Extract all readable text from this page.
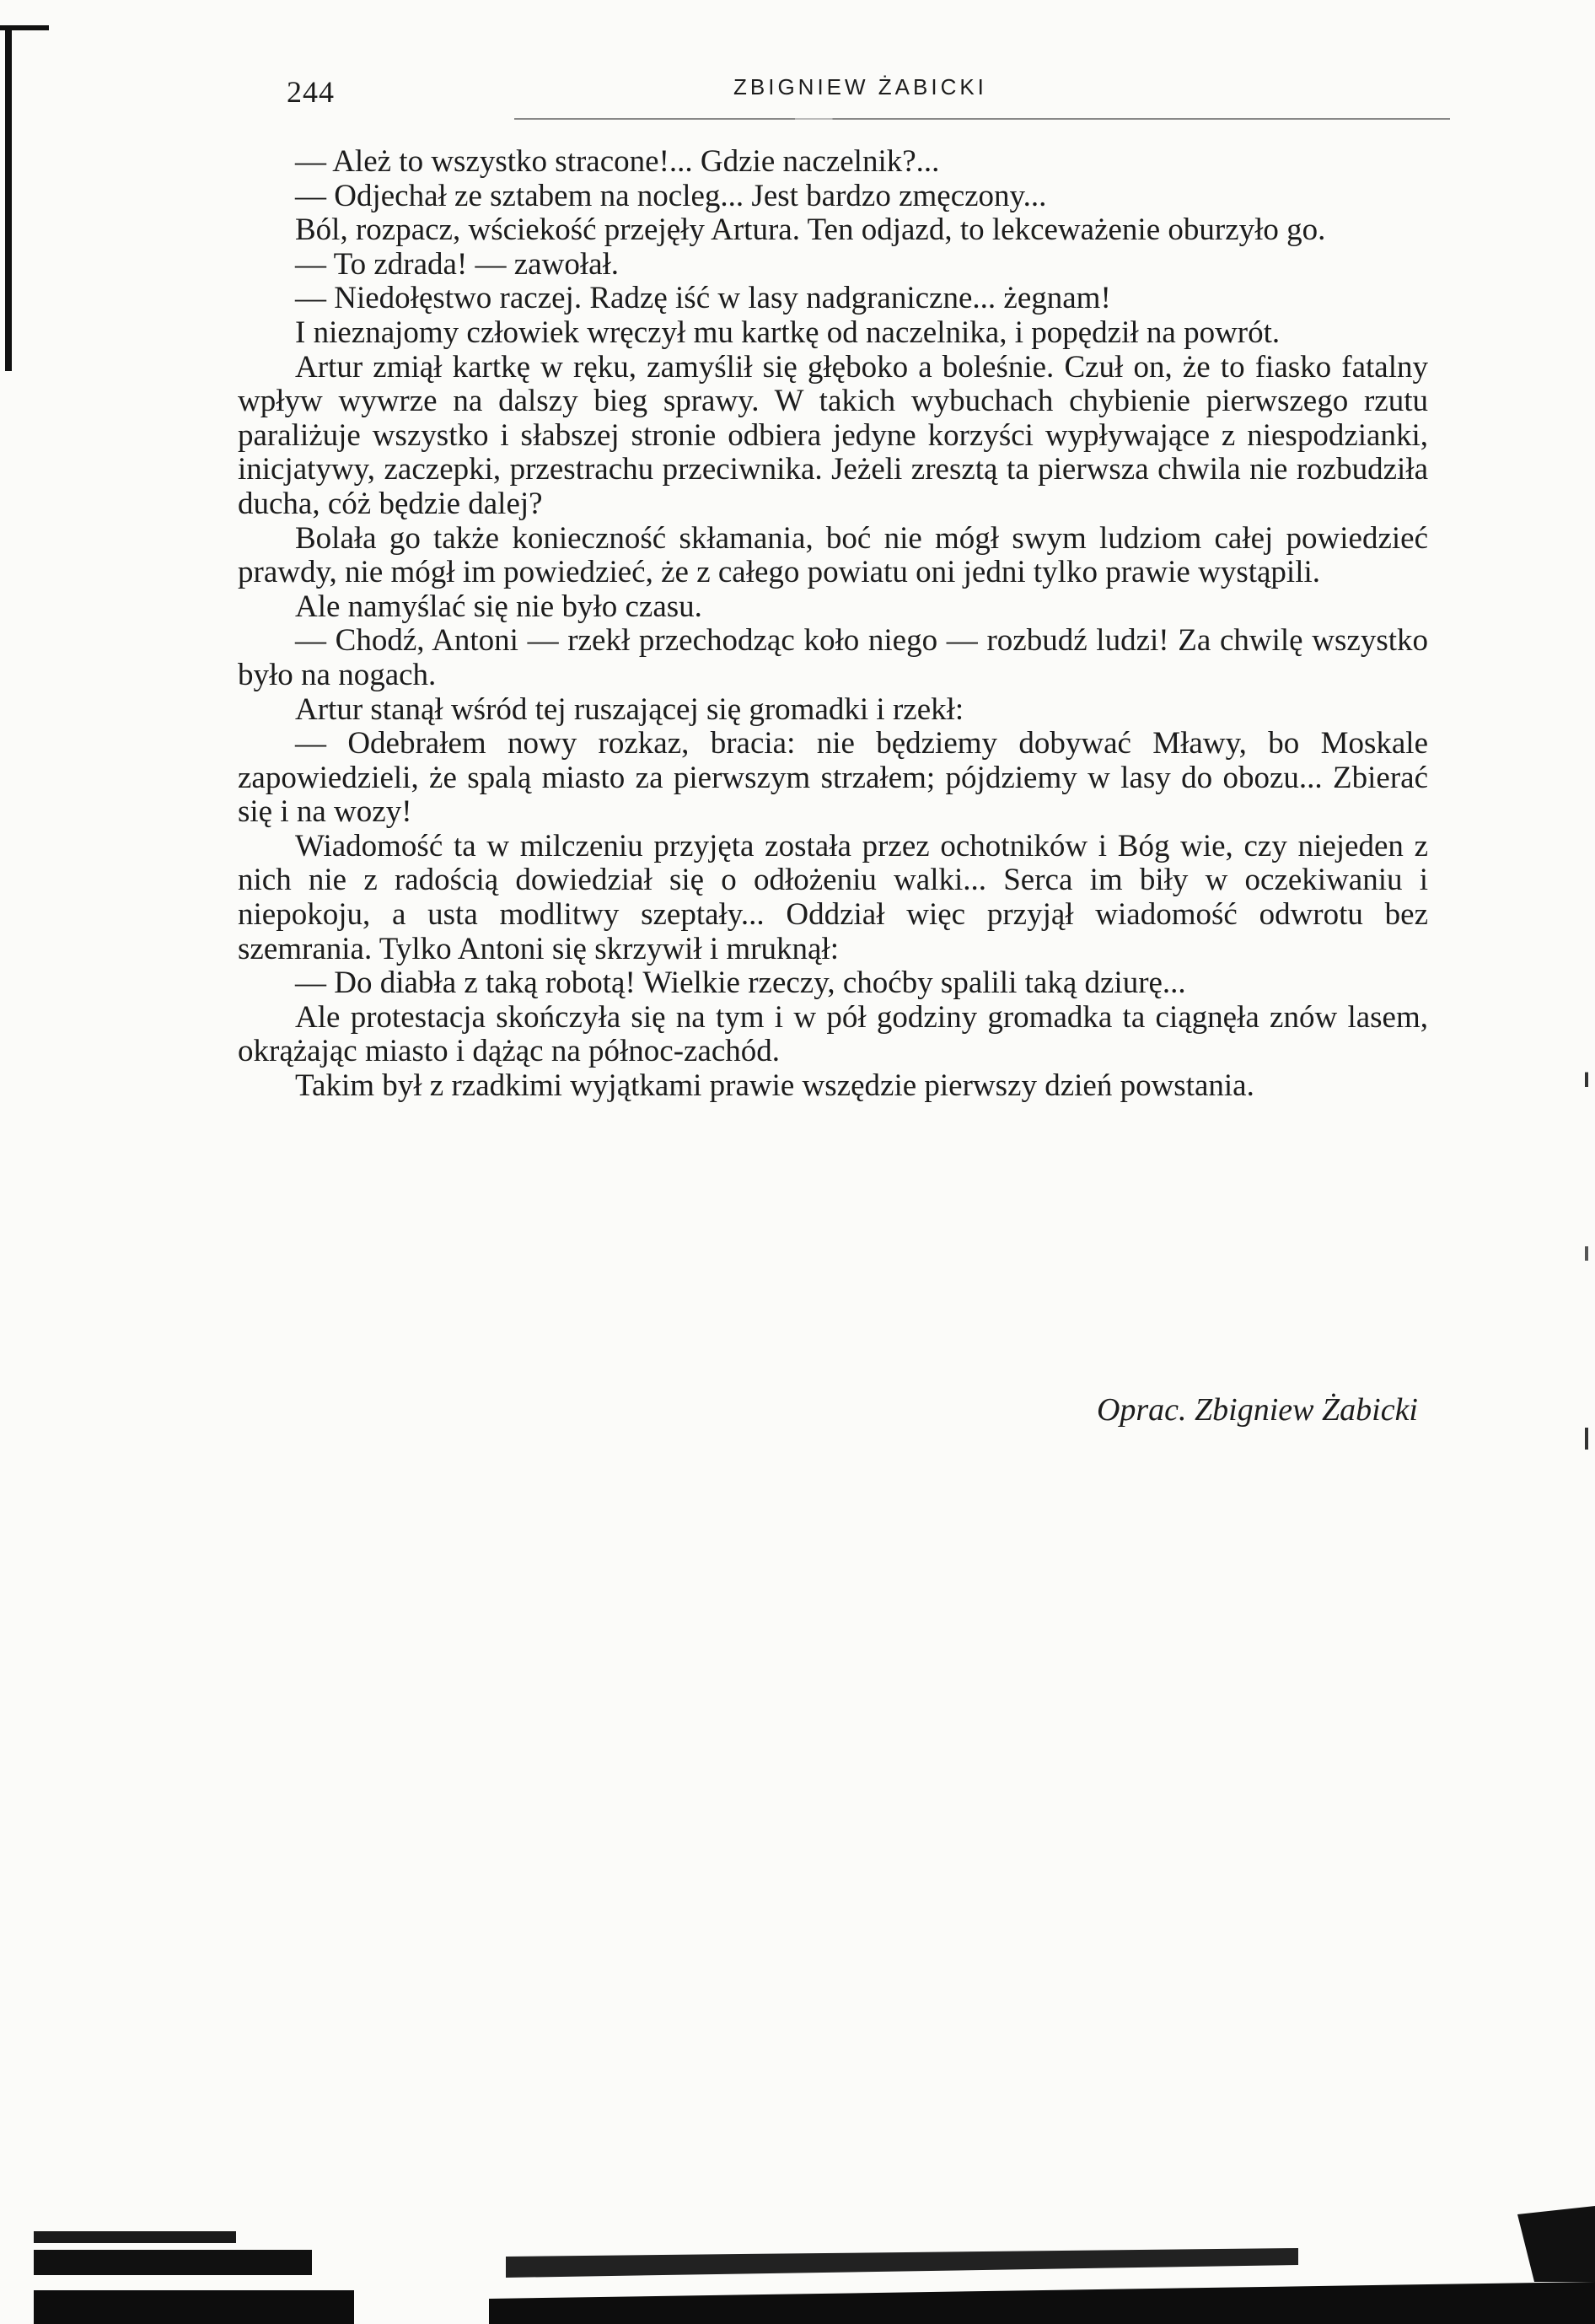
244	ZBIGNIEW ŻABICKI

— Ależ to wszystko stracone!... Gdzie naczelnik?...

— Odjechał ze sztabem na nocleg... Jest bardzo zmęczony...

Ból, rozpacz, wściekość przejęły Artura. Ten odjazd, to lekceważenie oburzyło go.

— To zdrada! — zawołał.

— Niedołęstwo raczej. Radzę iść w lasy nadgraniczne... żegnam!

I nieznajomy człowiek wręczył mu kartkę od naczelnika, i popędził na powrót.

Artur zmiął kartkę w ręku, zamyślił się głęboko a boleśnie. Czuł on, że to fiasko fatalny wpływ wywrze na dalszy bieg sprawy. W takich wybuchach chybienie pierwszego rzutu paraliżuje wszystko i słabszej stronie odbiera jedyne korzyści wypływające z niespodzianki, inicjatywy, zaczepki, przestrachu przeciwnika. Jeżeli zresztą ta pierwsza chwila nie rozbudziła ducha, cóż będzie dalej?

Bolała go także konieczność skłamania, boć nie mógł swym ludziom całej powiedzieć prawdy, nie mógł im powiedzieć, że z całego powiatu oni jedni tylko prawie wystąpili.

Ale namyślać się nie było czasu.

— Chodź, Antoni — rzekł przechodząc koło niego — rozbudź ludzi! Za chwilę wszystko było na nogach.

Artur stanął wśród tej ruszającej się gromadki i rzekł:

— Odebrałem nowy rozkaz, bracia: nie będziemy dobywać Mławy, bo Moskale zapowiedzieli, że spalą miasto za pierwszym strzałem; pójdziemy w lasy do obozu... Zbierać się i na wozy!

Wiadomość ta w milczeniu przyjęta została przez ochotników i Bóg wie, czy niejeden z nich nie z radością dowiedział się o odłożeniu walki... Serca im biły w oczekiwaniu i niepokoju, a usta modlitwy szeptały... Oddział więc przyjął wiadomość odwrotu bez szemrania. Tylko Antoni się skrzywił i mruknął:

— Do diabła z taką robotą! Wielkie rzeczy, choćby spalili taką dziurę...

Ale protestacja skończyła się na tym i w pół godziny gromadka ta ciągnęła znów lasem, okrążając miasto i dążąc na północ-zachód.

Takim był z rzadkimi wyjątkami prawie wszędzie pierwszy dzień powstania.

Oprac. Zbigniew Żabicki
